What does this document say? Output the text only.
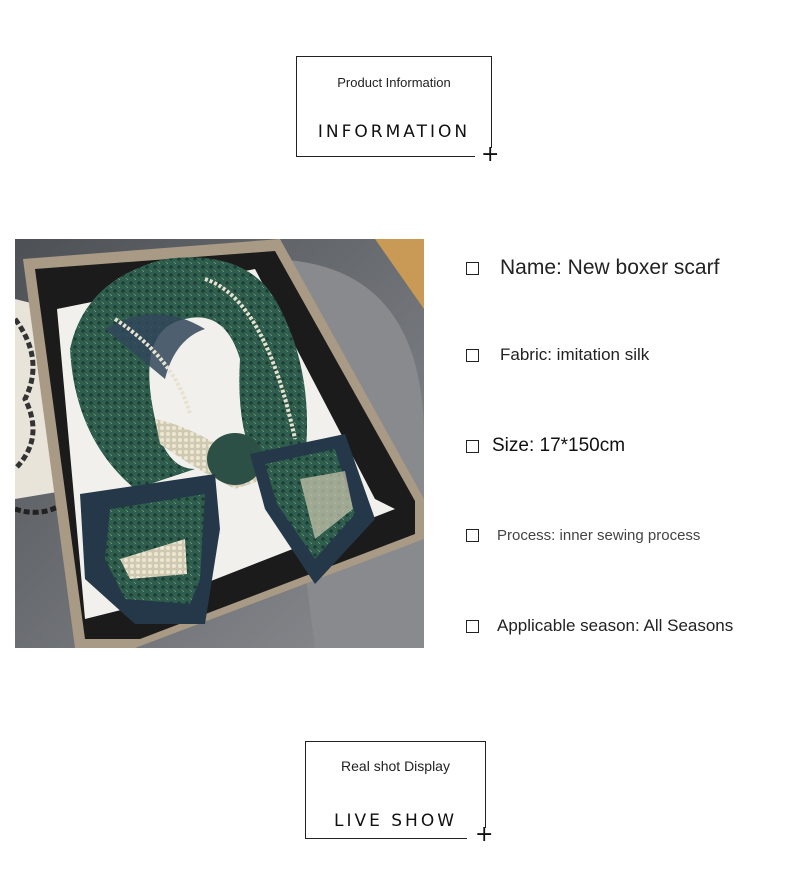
Product Information
INFORMATION
+
Name: New boxer scarf
Fabric: imitation silk
Size: 17*150cm
Process: inner sewing process
Applicable season: All Seasons
Real shot Display
LIVE SHOW
+
